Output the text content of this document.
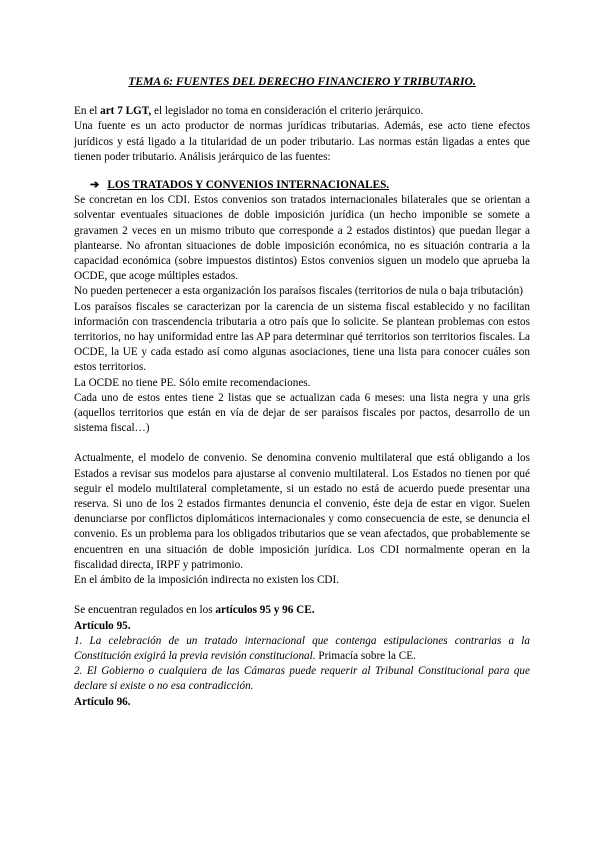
TEMA 6: FUENTES DEL DERECHO FINANCIERO Y TRIBUTARIO.

En el art 7 LGT, el legislador no toma en consideración el criterio jerárquico.

Una fuente es un acto productor de normas jurídicas tributarias. Además, ese acto tiene efectos jurídicos y está ligado a la titularidad de un poder tributario. Las normas están ligadas a entes que tienen poder tributario. Análisis jerárquico de las fuentes:

➔ LOS TRATADOS Y CONVENIOS INTERNACIONALES.

Se concretan en los CDI. Estos convenios son tratados internacionales bilaterales que se orientan a solventar eventuales situaciones de doble imposición jurídica (un hecho imponible se somete a gravamen 2 veces en un mismo tributo que corresponde a 2 estados distintos) que puedan llegar a plantearse. No afrontan situaciones de doble imposición económica, no es situación contraria a la capacidad económica (sobre impuestos distintos) Estos convenios siguen un modelo que aprueba la OCDE, que acoge múltiples estados.

No pueden pertenecer a esta organización los paraísos fiscales (territorios de nula o baja tributación)

Los paraísos fiscales se caracterizan por la carencia de un sistema fiscal establecido y no facilitan información con trascendencia tributaria a otro país que lo solicite. Se plantean problemas con estos territorios, no hay uniformidad entre las AP para determinar qué territorios son territorios fiscales. La OCDE, la UE y cada estado así como algunas asociaciones, tiene una lista para conocer cuáles son estos territorios.

La OCDE no tiene PE. Sólo emite recomendaciones.

Cada uno de estos entes tiene 2 listas que se actualizan cada 6 meses: una lista negra y una gris (aquellos territorios que están en vía de dejar de ser paraísos fiscales por pactos, desarrollo de un sistema fiscal…)

Actualmente, el modelo de convenio. Se denomina convenio multilateral que está obligando a los Estados a revisar sus modelos para ajustarse al convenio multilateral. Los Estados no tienen por qué seguir el modelo multilateral completamente, si un estado no está de acuerdo puede presentar una reserva. Si uno de los 2 estados firmantes denuncia el convenio, éste deja de estar en vigor. Suelen denunciarse por conflictos diplomáticos internacionales y como consecuencia de este, se denuncia el convenio. Es un problema para los obligados tributarios que se vean afectados, que probablemente se encuentren en una situación de doble imposición jurídica. Los CDI normalmente operan en la fiscalidad directa, IRPF y patrimonio.

En el ámbito de la imposición indirecta no existen los CDI.

Se encuentran regulados en los artículos 95 y 96 CE.

Artículo 95.

1. La celebración de un tratado internacional que contenga estipulaciones contrarias a la Constitución exigirá la previa revisión constitucional. Primacía sobre la CE.

2. El Gobierno o cualquiera de las Cámaras puede requerir al Tribunal Constitucional para que declare si existe o no esa contradicción.

Artículo 96.
